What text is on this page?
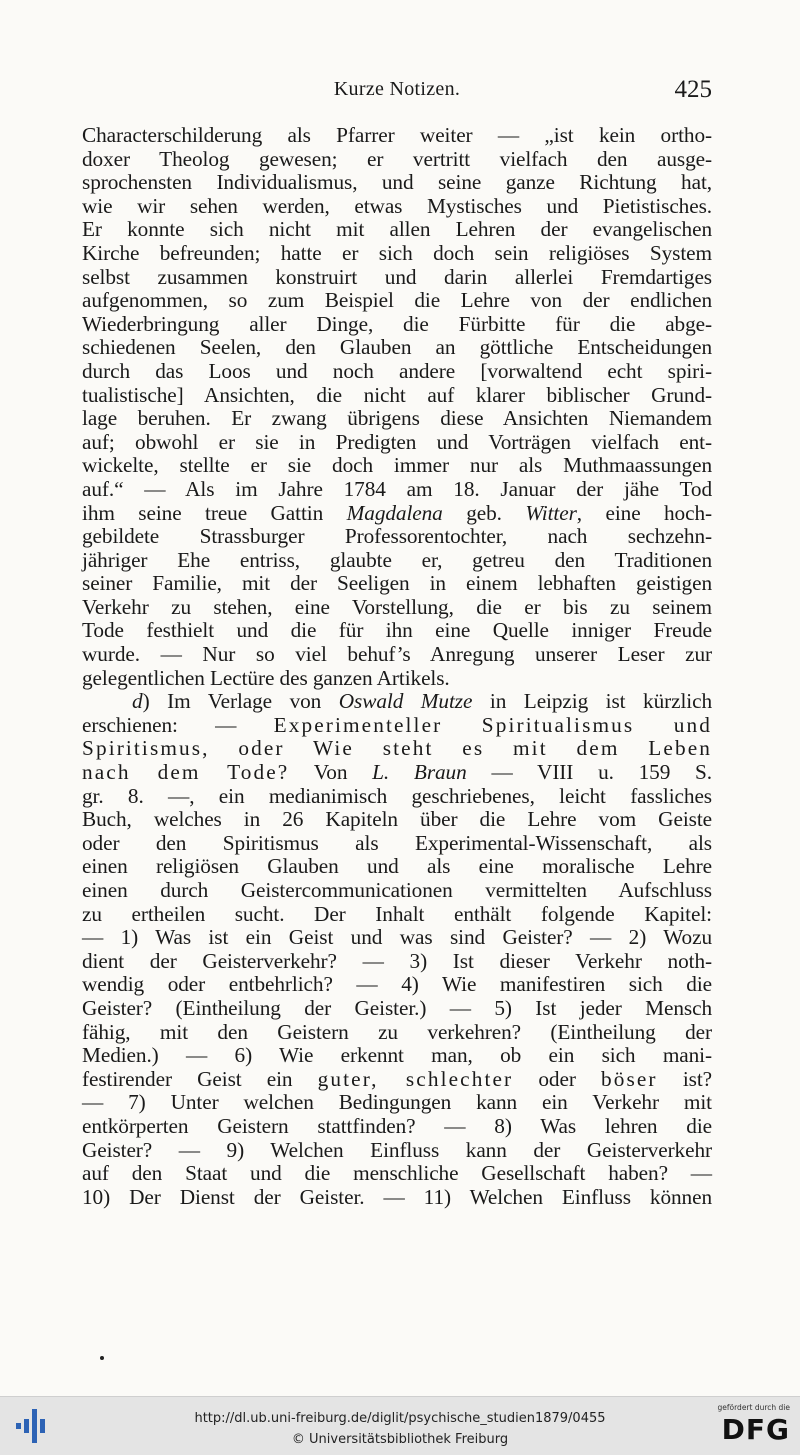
Kurze Notizen.	425
Characterschilderung als Pfarrer weiter — „ist kein ortho-
doxer Theolog gewesen; er vertritt vielfach den ausge-
sprochensten Individualismus, und seine ganze Richtung hat,
wie wir sehen werden, etwas Mystisches und Pietistisches.
Er konnte sich nicht mit allen Lehren der evangelischen
Kirche befreunden; hatte er sich doch sein religiöses System
selbst zusammen konstruirt und darin allerlei Fremdartiges
aufgenommen, so zum Beispiel die Lehre von der endlichen
Wiederbringung aller Dinge, die Fürbitte für die abge-
schiedenen Seelen, den Glauben an göttliche Entscheidungen
durch das Loos und noch andere [vorwaltend echt spiri-
tualistische] Ansichten, die nicht auf klarer biblischer Grund-
lage beruhen. Er zwang übrigens diese Ansichten Niemandem
auf; obwohl er sie in Predigten und Vorträgen vielfach ent-
wickelte, stellte er sie doch immer nur als Muthmaassungen
auf.“ — Als im Jahre 1784 am 18. Januar der jähe Tod
ihm seine treue Gattin Magdalena geb. Witter, eine hoch-
gebildete Strassburger Professorentochter, nach sechzehn-
jähriger Ehe entriss, glaubte er, getreu den Traditionen
seiner Familie, mit der Seeligen in einem lebhaften geistigen
Verkehr zu stehen, eine Vorstellung, die er bis zu seinem
Tode festhielt und die für ihn eine Quelle inniger Freude
wurde. — Nur so viel behuf’s Anregung unserer Leser zur
gelegentlichen Lectüre des ganzen Artikels.
d) Im Verlage von Oswald Mutze in Leipzig ist kürzlich
erschienen: — Experimenteller Spiritualismus und
Spiritismus, oder Wie steht es mit dem Leben
nach dem Tode? Von L. Braun — VIII u. 159 S.
gr. 8. —, ein medianimisch geschriebenes, leicht fassliches
Buch, welches in 26 Kapiteln über die Lehre vom Geiste
oder den Spiritismus als Experimental-Wissenschaft, als
einen religiösen Glauben und als eine moralische Lehre
einen durch Geistercommunicationen vermittelten Aufschluss
zu ertheilen sucht. Der Inhalt enthält folgende Kapitel:
— 1) Was ist ein Geist und was sind Geister? — 2) Wozu
dient der Geisterverkehr? — 3) Ist dieser Verkehr noth-
wendig oder entbehrlich? — 4) Wie manifestiren sich die
Geister? (Eintheilung der Geister.) — 5) Ist jeder Mensch
fähig, mit den Geistern zu verkehren? (Eintheilung der
Medien.) — 6) Wie erkennt man, ob ein sich mani-
festirender Geist ein guter, schlechter oder böser ist?
— 7) Unter welchen Bedingungen kann ein Verkehr mit
entkörperten Geistern stattfinden? — 8) Was lehren die
Geister? — 9) Welchen Einfluss kann der Geisterverkehr
auf den Staat und die menschliche Gesellschaft haben? —
10) Der Dienst der Geister. — 11) Welchen Einfluss können
http://dl.ub.uni-freiburg.de/diglit/psychische_studien1879/0455
© Universitätsbibliothek Freiburg
gefördert durch die
DFG
